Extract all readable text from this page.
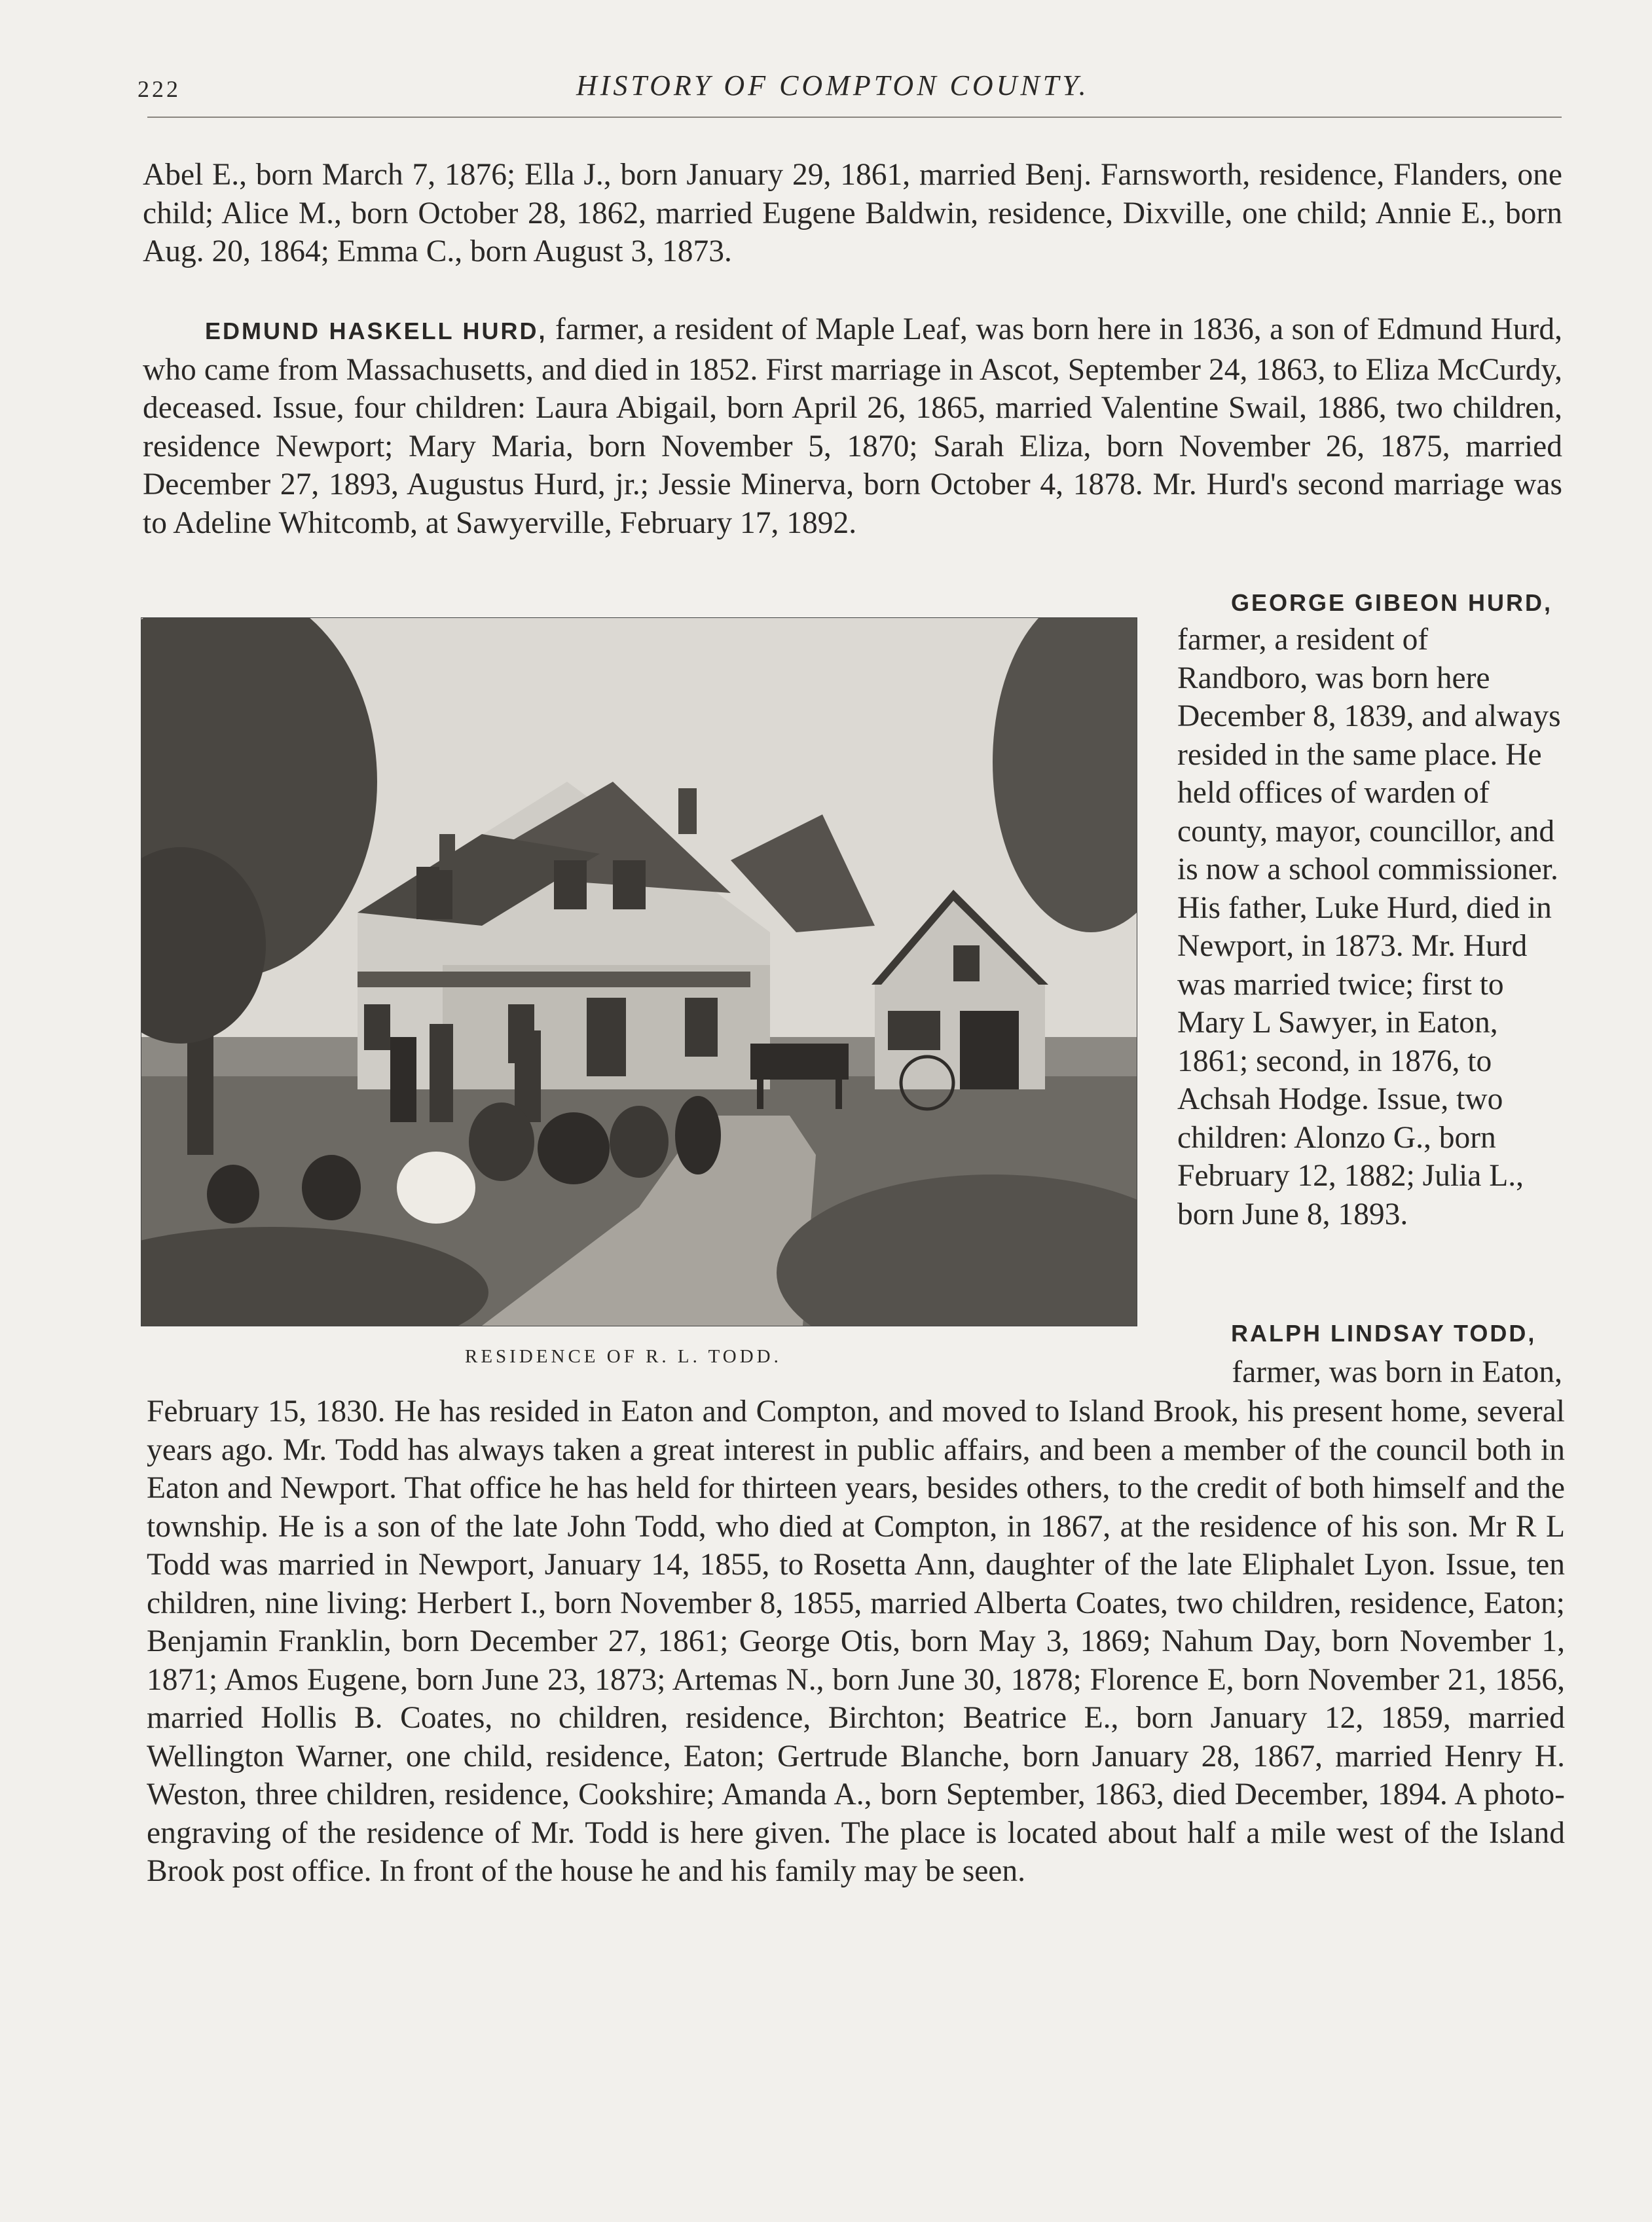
222	HISTORY OF COMPTON COUNTY.

Abel E., born March 7, 1876; Ella J., born January 29, 1861, married Benj. Farnsworth, residence, Flanders, one child; Alice M., born October 28, 1862, married Eugene Baldwin, residence, Dixville, one child; Annie E., born Aug. 20, 1864; Emma C., born August 3, 1873.

EDMUND HASKELL HURD, farmer, a resident of Maple Leaf, was born here in 1836, a son of Edmund Hurd, who came from Massachusetts, and died in 1852. First marriage in Ascot, September 24, 1863, to Eliza McCurdy, deceased. Issue, four children: Laura Abigail, born April 26, 1865, married Valentine Swail, 1886, two children, residence Newport; Mary Maria, born November 5, 1870; Sarah Eliza, born November 26, 1875, married December 27, 1893, Augustus Hurd, jr.; Jessie Minerva, born October 4, 1878. Mr. Hurd's second marriage was to Adeline Whitcomb, at Sawyerville, February 17, 1892.

GEORGE GIBEON HURD,

farmer, a resident of Randboro, was born here December 8, 1839, and always resided in the same place. He held offices of warden of county, mayor, councillor, and is now a school commissioner. His father, Luke Hurd, died in Newport, in 1873. Mr. Hurd was married twice; first to Mary L Sawyer, in Eaton, 1861; second, in 1876, to Achsah Hodge. Issue, two children: Alonzo G., born February 12, 1882; Julia L., born June 8, 1893.

RESIDENCE OF R. L. TODD.
RALPH LINDSAY TODD,
farmer, was born in Eaton,

February 15, 1830. He has resided in Eaton and Compton, and moved to Island Brook, his present home, several years ago. Mr. Todd has always taken a great interest in public affairs, and been a member of the council both in Eaton and Newport. That office he has held for thirteen years, besides others, to the credit of both himself and the township. He is a son of the late John Todd, who died at Compton, in 1867, at the residence of his son. Mr R L Todd was married in Newport, January 14, 1855, to Rosetta Ann, daughter of the late Eliphalet Lyon. Issue, ten children, nine living: Herbert I., born November 8, 1855, married Alberta Coates, two children, residence, Eaton; Benjamin Franklin, born December 27, 1861; George Otis, born May 3, 1869; Nahum Day, born November 1, 1871; Amos Eugene, born June 23, 1873; Artemas N., born June 30, 1878; Florence E, born November 21, 1856, married Hollis B. Coates, no children, residence, Birchton; Beatrice E., born January 12, 1859, married Wellington Warner, one child, residence, Eaton; Gertrude Blanche, born January 28, 1867, married Henry H. Weston, three children, residence, Cookshire; Amanda A., born September, 1863, died December, 1894. A photo-engraving of the residence of Mr. Todd is here given. The place is located about half a mile west of the Island Brook post office. In front of the house he and his family may be seen.
